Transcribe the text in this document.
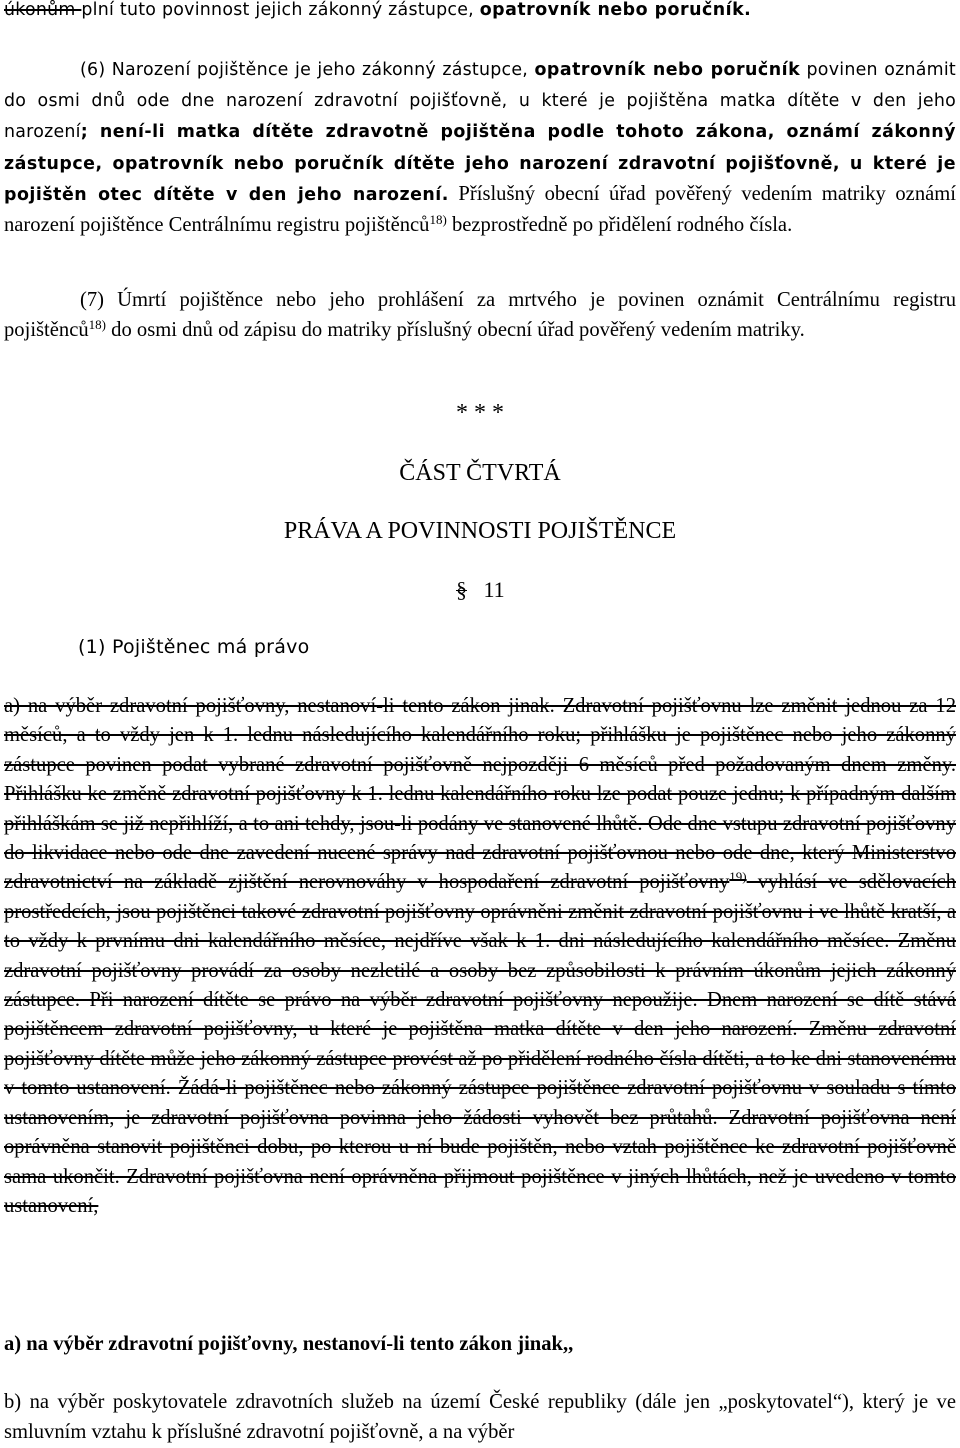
úkonům plní tuto povinnost jejich zákonný zástupce, opatrovník nebo poručník.
(6) Narození pojištěnce je jeho zákonný zástupce, opatrovník nebo poručník povinen oznámit do osmi dnů ode dne narození zdravotní pojišťovně, u které je pojištěna matka dítěte v den jeho narození; není-li matka dítěte zdravotně pojištěna podle tohoto zákona, oznámí zákonný zástupce, opatrovník nebo poručník dítěte jeho narození zdravotní pojišťovně, u které je pojištěn otec dítěte v den jeho narození. Příslušný obecní úřad pověřený vedením matriky oznámí narození pojištěnce Centrálnímu registru pojištěnců$^{18)}$ bezprostředně po přidělení rodného čísla.
(7) Úmrtí pojištěnce nebo jeho prohlášení za mrtvého je povinen oznámit Centrálnímu registru pojištěnců$^{18)}$ do osmi dnů od zápisu do matriky příslušný obecní úřad pověřený vedením matriky.
* * *
ČÁST ČTVRTÁ
PRÁVA A POVINNOSTI POJIŠTĚNCE
§ 11
(1) Pojištěnec má právo
a) na výběr zdravotní pojišťovny, nestanoví-li tento zákon jinak. Zdravotní pojišťovnu lze změnit jednou za 12 měsíců, a to vždy jen k 1. lednu následujícího kalendářního roku; přihlášku je pojištěnec nebo jeho zákonný zástupce povinen podat vybrané zdravotní pojišťovně nejpozději 6 měsíců před požadovaným dnem změny. Přihlášku ke změně zdravotní pojišťovny k 1. lednu kalendářního roku lze podat pouze jednu; k případným dalším přihláškám se již nepřihlíží, a to ani tehdy, jsou-li podány ve stanovené lhůtě. Ode dne vstupu zdravotní pojišťovny do likvidace nebo ode dne zavedení nucené správy nad zdravotní pojišťovnou nebo ode dne, který Ministerstvo zdravotnictví na základě zjištění nerovnováhy v hospodaření zdravotní pojišťovny$^{19)}$ vyhlásí ve sdělovacích prostředcích, jsou pojištěnci takové zdravotní pojišťovny oprávněni změnit zdravotní pojišťovnu i ve lhůtě kratší, a to vždy k prvnímu dni kalendářního měsíce, nejdříve však k 1. dni následujícího kalendářního měsíce. Změnu zdravotní pojišťovny provádí za osoby nezletilé a osoby bez způsobilosti k právním úkonům jejich zákonný zástupce. Při narození dítěte se právo na výběr zdravotní pojišťovny nepoužije. Dnem narození se dítě stává pojištěncem zdravotní pojišťovny, u které je pojištěna matka dítěte v den jeho narození. Změnu zdravotní pojišťovny dítěte může jeho zákonný zástupce provést až po přidělení rodného čísla dítěti, a to ke dni stanovenému v tomto ustanovení. Žádá-li pojištěnec nebo zákonný zástupce pojištěnce zdravotní pojišťovnu v souladu s tímto ustanovením, je zdravotní pojišťovna povinna jeho žádosti vyhovět bez průtahů. Zdravotní pojišťovna není oprávněna stanovit pojištěnci dobu, po kterou u ní bude pojištěn, nebo vztah pojištěnce ke zdravotní pojišťovně sama ukončit. Zdravotní pojišťovna není oprávněna přijmout pojištěnce v jiných lhůtách, než je uvedeno v tomto ustanovení,
a) na výběr zdravotní pojišťovny, nestanoví-li tento zákon jinak,,
b) na výběr poskytovatele zdravotních služeb na území České republiky (dále jen „poskytovatel“), který je ve smluvním vztahu k příslušné zdravotní pojišťovně, a na výběr
